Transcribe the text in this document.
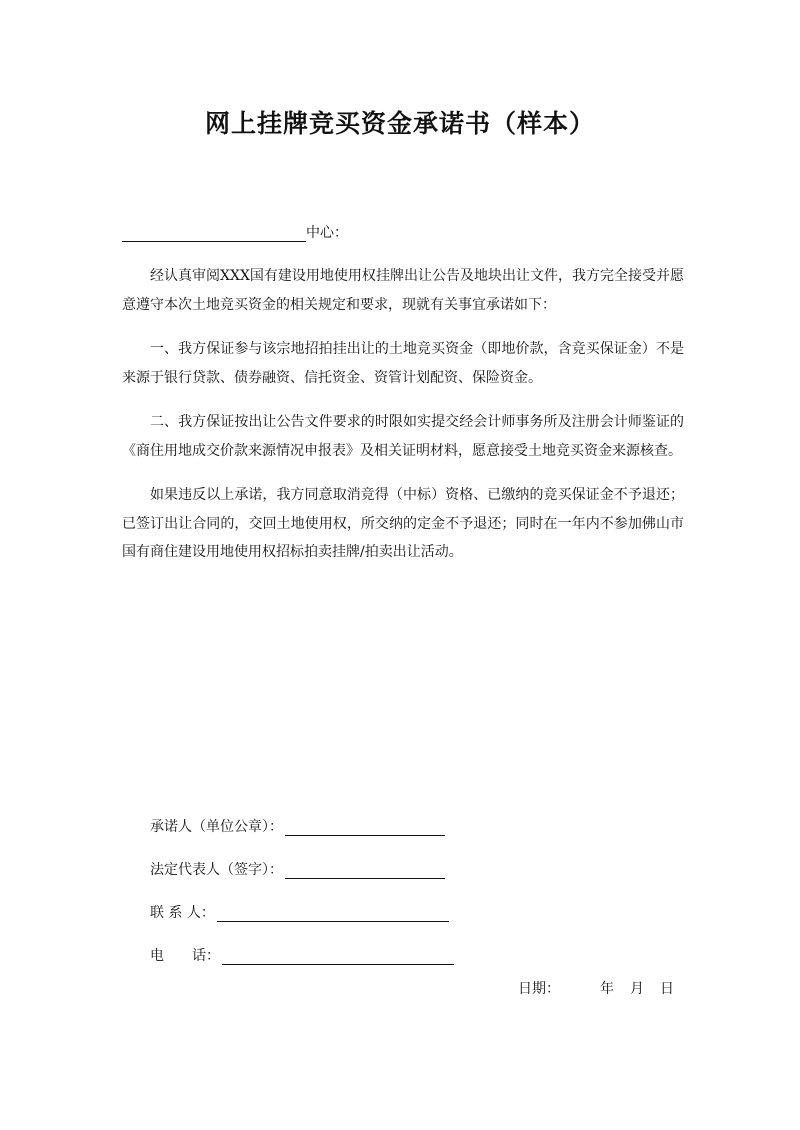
网上挂牌竞买资金承诺书（样本）
中心：

经认真审阅XXX国有建设用地使用权挂牌出让公告及地块出让文件，我方完全接受并愿意遵守本次土地竞买资金的相关规定和要求，现就有关事宜承诺如下：

一、我方保证参与该宗地招拍挂出让的土地竞买资金（即地价款，含竞买保证金）不是来源于银行贷款、债券融资、信托资金、资管计划配资、保险资金。

二、我方保证按出让公告文件要求的时限如实提交经会计师事务所及注册会计师鉴证的《商住用地成交价款来源情况申报表》及相关证明材料，愿意接受土地竞买资金来源核查。

如果违反以上承诺，我方同意取消竞得（中标）资格、已缴纳的竞买保证金不予退还；已签订出让合同的，交回土地使用权，所交纳的定金不予退还；同时在一年内不参加佛山市国有商住建设用地使用权招标拍卖挂牌/拍卖出让活动。

承诺人（单位公章）：
法定代表人（签字）：
联 系 人：
电　　话：
日期：	年 月 日
